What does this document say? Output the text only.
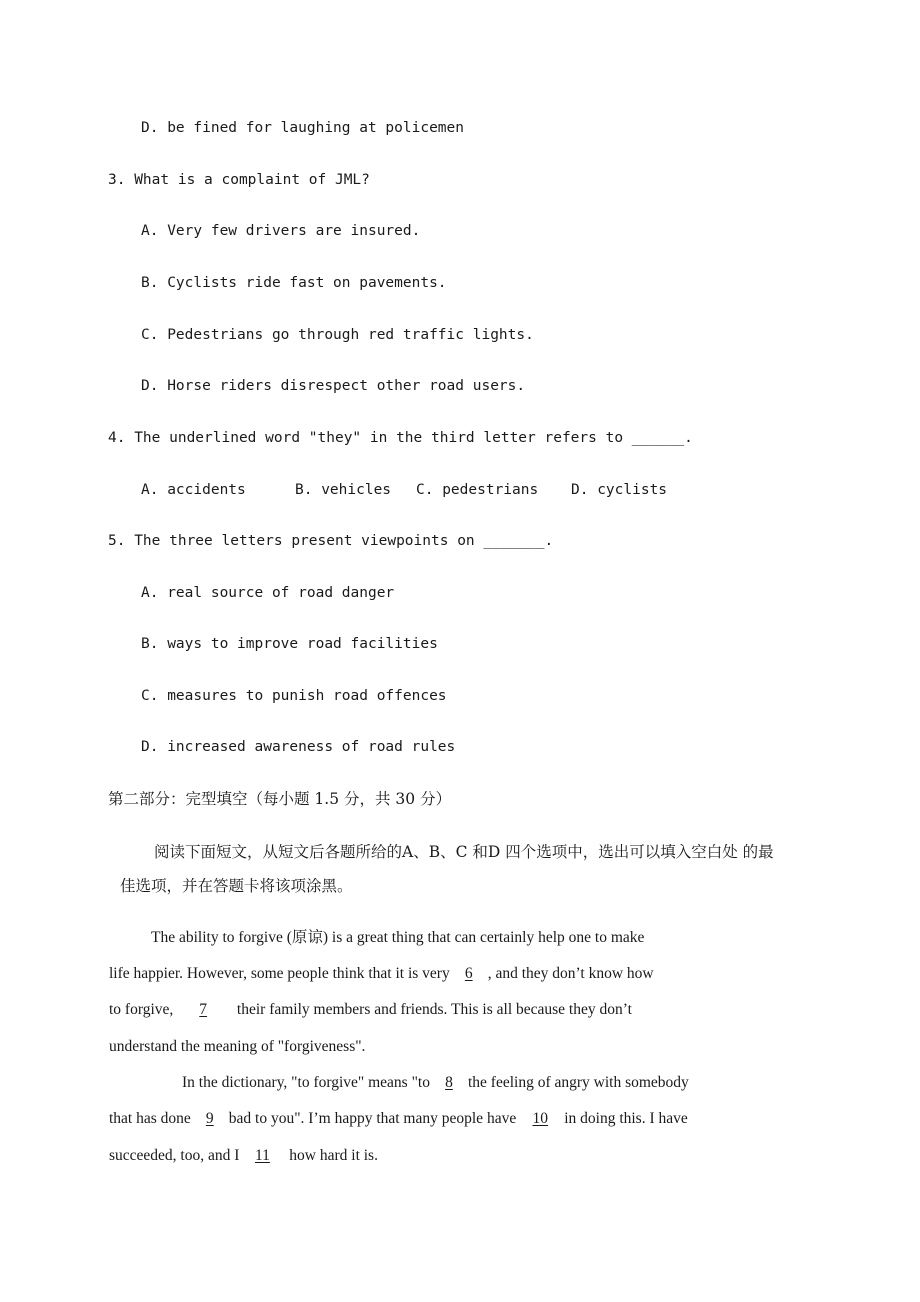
D. be fined for laughing at policemen
3. What is a complaint of JML?
A. Very few drivers are insured.
B. Cyclists ride fast on pavements.
C. Pedestrians go through red traffic lights.
D. Horse riders disrespect other road users.
4. The underlined word "they" in the third letter refers to ______.
A. accidents	B. vehicles C. pedestrians D. cyclists
5. The three letters present viewpoints on _______.
A. real source of road danger
B. ways to improve road facilities
C. measures to punish road offences
D. increased awareness of road rules
第二部分：完型填空（每小题 1.5 分，共 30 分）
阅读下面短文，从短文后各题所给的A、B、C 和D 四个选项中，选出可以填入空白处 的最
佳选项，并在答题卡将该项涂黑。
The ability to forgive (原谅) is a great thing that can certainly help one to make
life happier. However, some people think that it is very 6 , and they don’t know how
to forgive, 7  their family members and friends. This is all because they don’t
understand the meaning of "forgiveness".
In the dictionary, "to forgive" means "to 8 the feeling of angry with somebody
that has done 9 bad to you". I’m happy that many people have 10 in doing this. I have
succeeded, too, and I 11 how hard it is.
